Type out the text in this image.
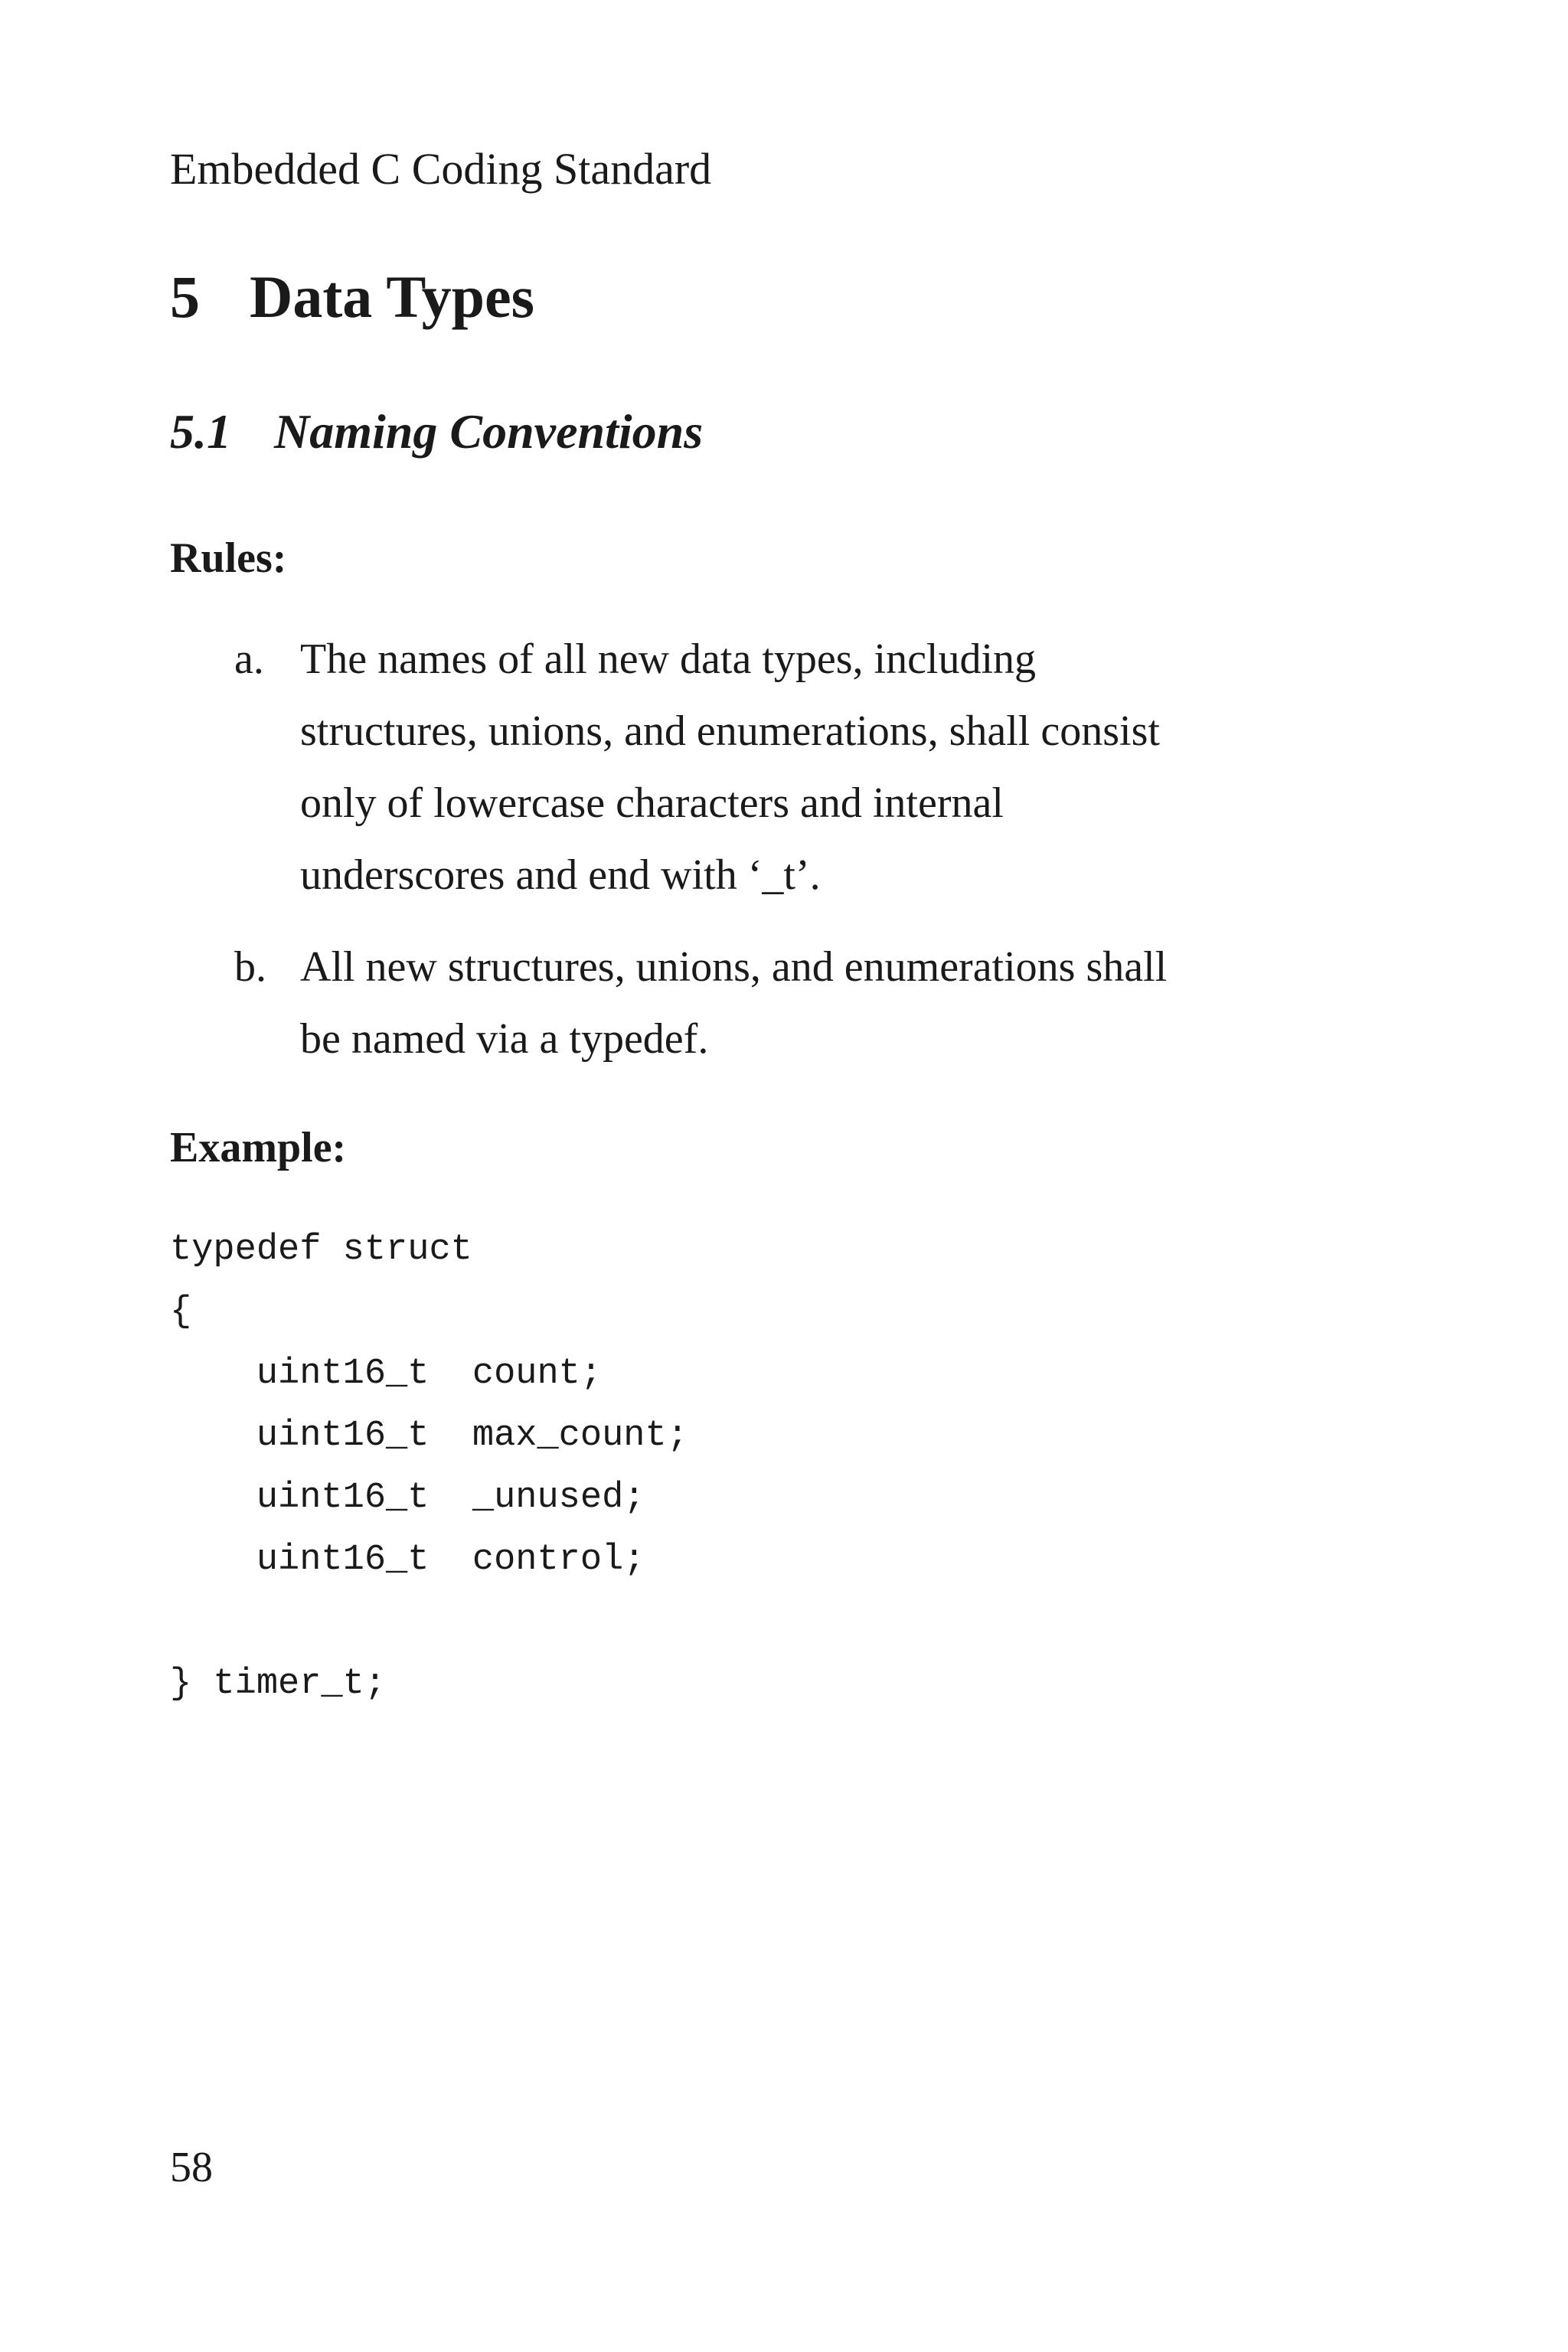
Embedded C Coding Standard
5 Data Types
5.1 Naming Conventions
Rules:
a. The names of all new data types, including
structures, unions, and enumerations, shall consist
only of lowercase characters and internal
underscores and end with ‘_t’.
b. All new structures, unions, and enumerations shall
be named via a typedef.
Example:
typedef struct
{
uint16_t  count;
uint16_t  max_count;
uint16_t  _unused;
uint16_t  control;
} timer_t;
58
